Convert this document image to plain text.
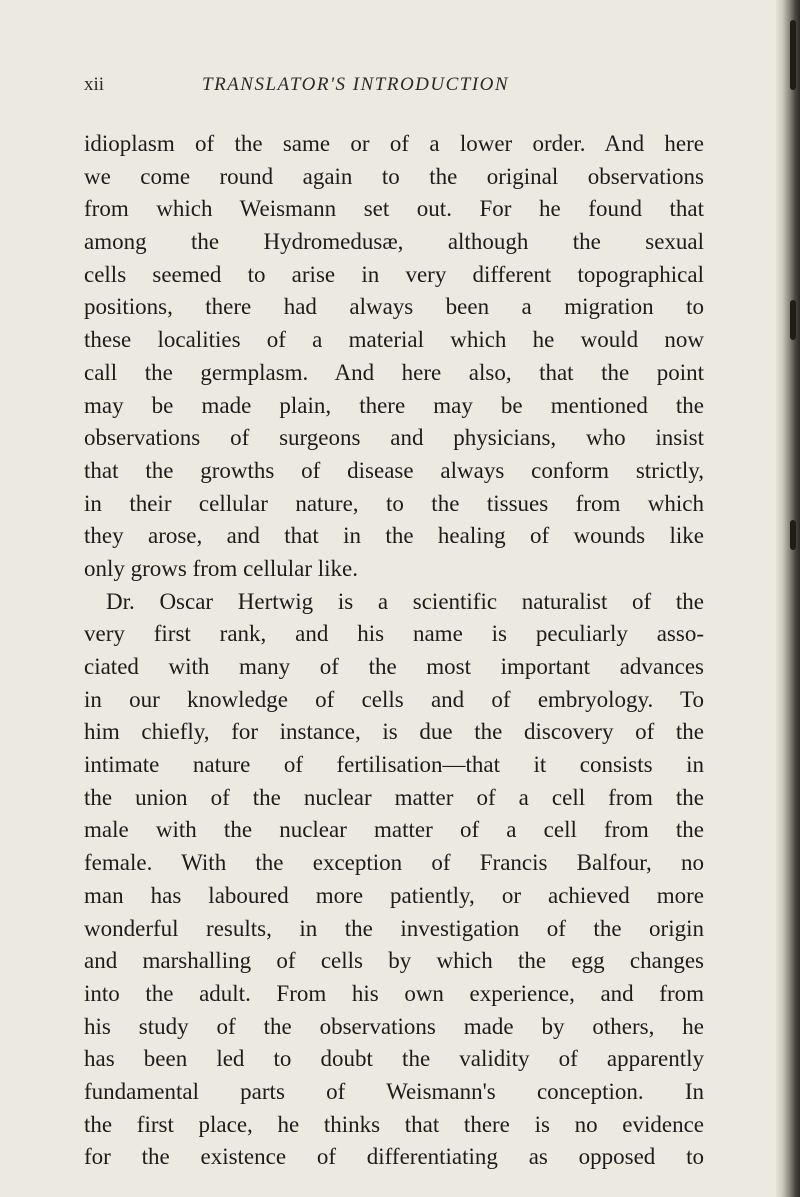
xii	TRANSLATOR'S INTRODUCTION
idioplasm of the same or of a lower order. And here
we come round again to the original observations
from which Weismann set out. For he found that
among the Hydromedusæ, although the sexual
cells seemed to arise in very different topographical
positions, there had always been a migration to
these localities of a material which he would now
call the germplasm. And here also, that the point
may be made plain, there may be mentioned the
observations of surgeons and physicians, who insist
that the growths of disease always conform strictly,
in their cellular nature, to the tissues from which
they arose, and that in the healing of wounds like
only grows from cellular like.
Dr. Oscar Hertwig is a scientific naturalist of the
very first rank, and his name is peculiarly asso-
ciated with many of the most important advances
in our knowledge of cells and of embryology. To
him chiefly, for instance, is due the discovery of the
intimate nature of fertilisation—that it consists in
the union of the nuclear matter of a cell from the
male with the nuclear matter of a cell from the
female. With the exception of Francis Balfour, no
man has laboured more patiently, or achieved more
wonderful results, in the investigation of the origin
and marshalling of cells by which the egg changes
into the adult. From his own experience, and from
his study of the observations made by others, he
has been led to doubt the validity of apparently
fundamental parts of Weismann's conception. In
the first place, he thinks that there is no evidence
for the existence of differentiating as opposed to
